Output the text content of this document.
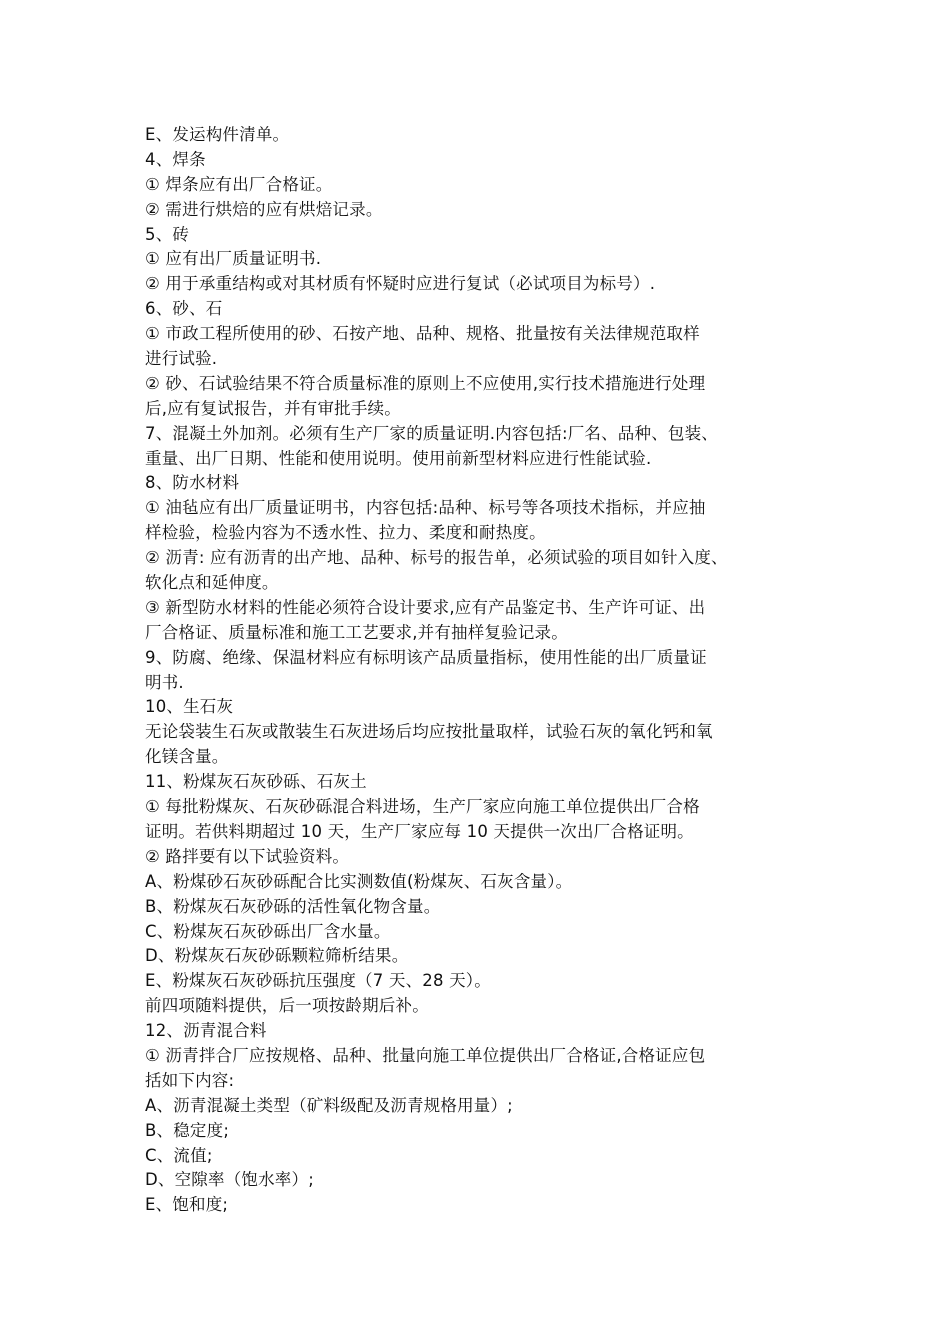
E、发运构件清单。
4、焊条
① 焊条应有出厂合格证。
② 需进行烘焙的应有烘焙记录。
5、砖
① 应有出厂质量证明书.
② 用于承重结构或对其材质有怀疑时应进行复试（必试项目为标号）.
6、砂、石
① 市政工程所使用的砂、石按产地、品种、规格、批量按有关法律规范取样
进行试验.
② 砂、石试验结果不符合质量标准的原则上不应使用,实行技术措施进行处理
后,应有复试报告，并有审批手续。
7、混凝土外加剂。必须有生产厂家的质量证明.内容包括:厂名、品种、包装、
重量、出厂日期、性能和使用说明。使用前新型材料应进行性能试验.
8、防水材料
① 油毡应有出厂质量证明书，内容包括:品种、标号等各项技术指标，并应抽
样检验，检验内容为不透水性、拉力、柔度和耐热度。
② 沥青: 应有沥青的出产地、品种、标号的报告单，必须试验的项目如针入度、
软化点和延伸度。
③ 新型防水材料的性能必须符合设计要求,应有产品鉴定书、生产许可证、出
厂合格证、质量标准和施工工艺要求,并有抽样复验记录。
9、防腐、绝缘、保温材料应有标明该产品质量指标，使用性能的出厂质量证
明书.
10、生石灰
无论袋装生石灰或散装生石灰进场后均应按批量取样，试验石灰的氧化钙和氧
化镁含量。
11、粉煤灰石灰砂砾、石灰土
① 每批粉煤灰、石灰砂砾混合料进场，生产厂家应向施工单位提供出厂合格
证明。若供料期超过 10 天，生产厂家应每 10 天提供一次出厂合格证明。
② 路拌要有以下试验资料。
A、粉煤砂石灰砂砾配合比实测数值(粉煤灰、石灰含量）。
B、粉煤灰石灰砂砾的活性氧化物含量。
C、粉煤灰石灰砂砾出厂含水量。
D、粉煤灰石灰砂砾颗粒筛析结果。
E、粉煤灰石灰砂砾抗压强度（7 天、28 天）。
前四项随料提供，后一项按龄期后补。
12、沥青混合料
① 沥青拌合厂应按规格、品种、批量向施工单位提供出厂合格证,合格证应包
括如下内容:
A、沥青混凝土类型（矿料级配及沥青规格用量）;
B、稳定度;
C、流值;
D、空隙率（饱水率）;
E、饱和度;
